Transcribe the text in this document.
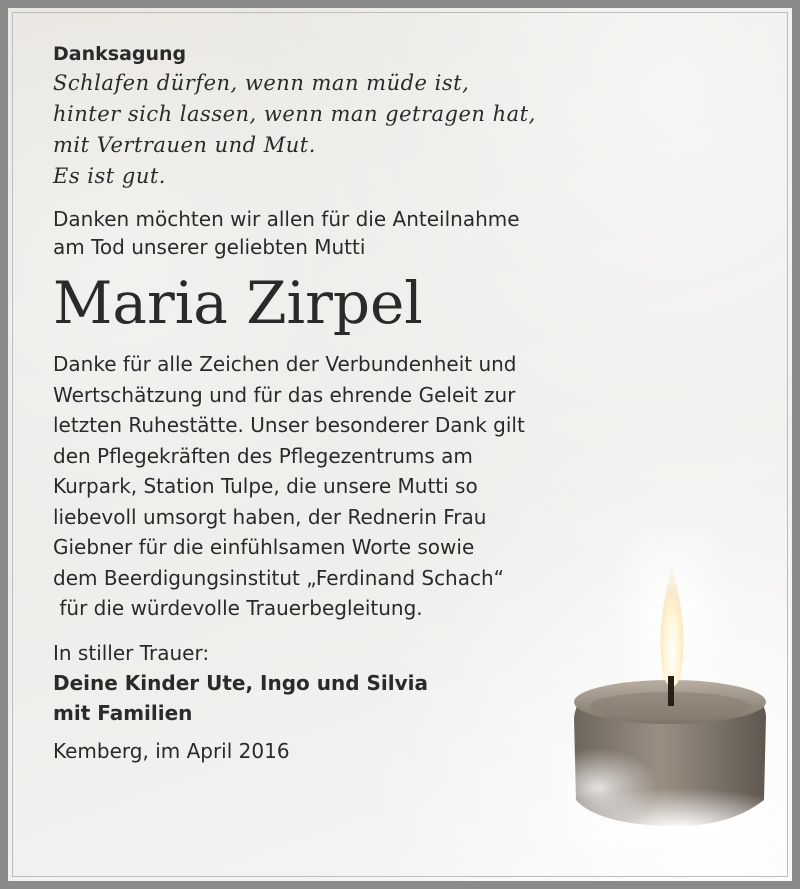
Danksagung

Schlafen dürfen, wenn man müde ist,
hinter sich lassen, wenn man getragen hat,
mit Vertrauen und Mut.
Es ist gut.
Danken möchten wir allen für die Anteilnahme
am Tod unserer geliebten Mutti

Maria Zirpel

Danke für alle Zeichen der Verbundenheit und

Wertschätzung und für das ehrende Geleit zur

letzten Ruhestätte. Unser besonderer Dank gilt

den Pflegekräften des Pflegezentrums am

Kurpark, Station Tulpe, die unsere Mutti so

liebevoll umsorgt haben, der Rednerin Frau

Giebner für die einfühlsamen Worte sowie

dem Beerdigungsinstitut „Ferdinand Schach“

für die würdevolle Trauerbegleitung.

In stiller Trauer:

Deine Kinder Ute, Ingo und Silvia

mit Familien

Kemberg, im April 2016
